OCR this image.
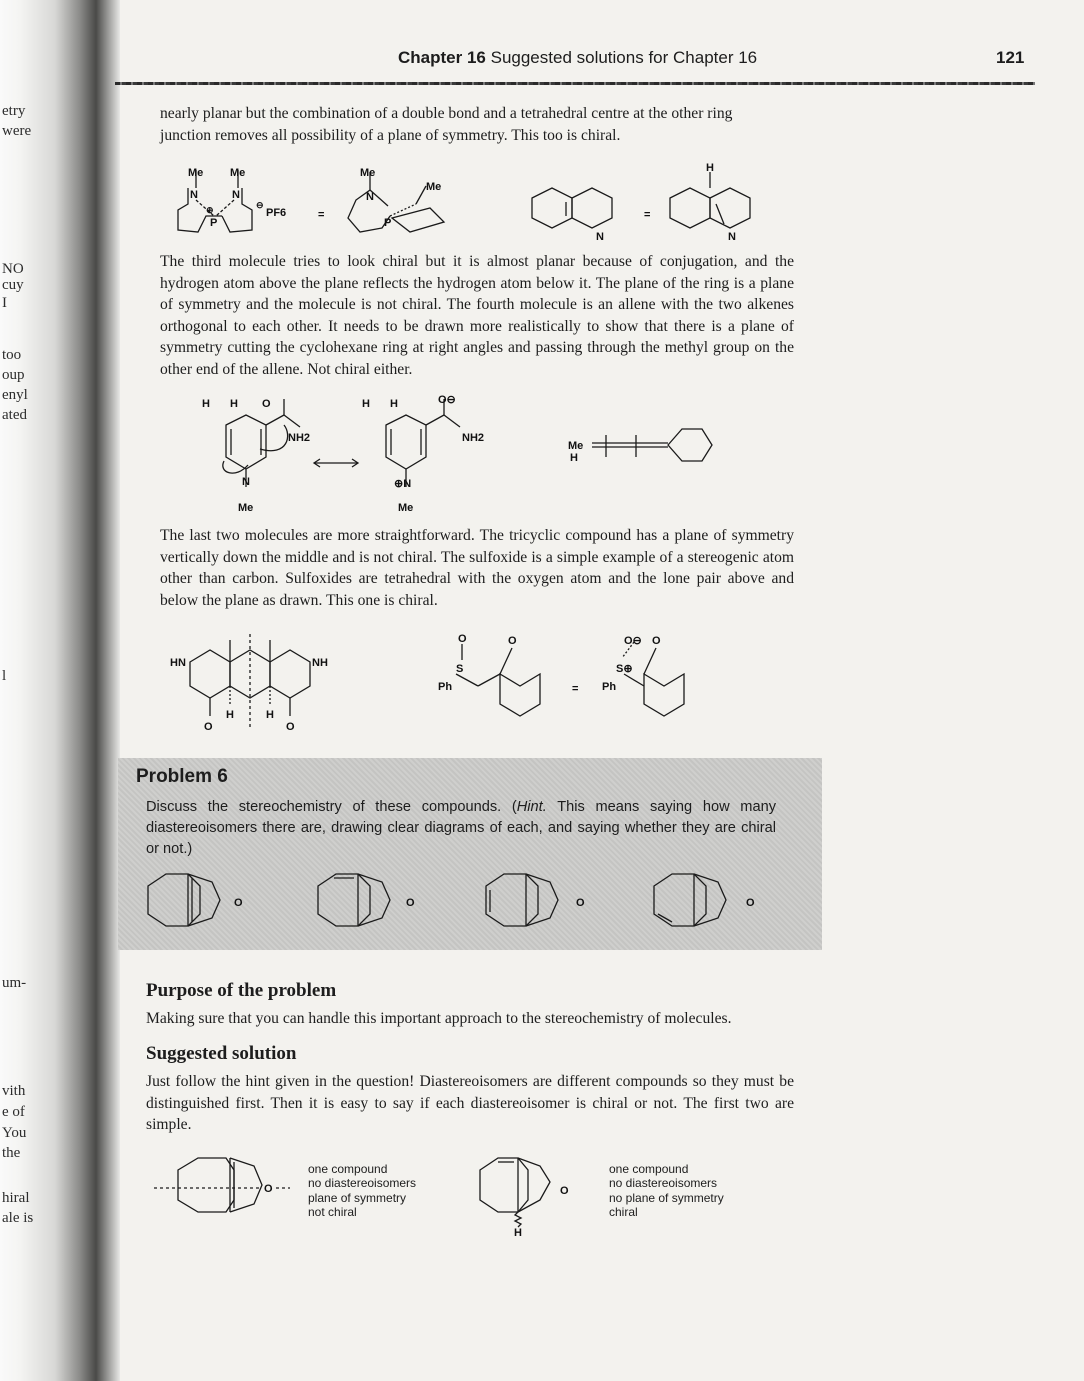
etry
were
NO
cuy
I
too
oup
enyl
ated
l
um-
vith
e of
You
the
hiral
ale is
Chapter 16 Suggested solutions for Chapter 16	121

nearly planar but the combination of a double bond and a tetrahedral centre at the other ring

junction removes all possibility of a plane of symmetry. This too is chiral.

Me Me
N	N
P
⊕	⊖
PF6	=
Me
Me
N
P
N
=
H
N

The third molecule tries to look chiral but it is almost planar because of conjugation, and the hydrogen atom above the plane reflects the hydrogen atom below it. The plane of the ring is a plane of symmetry and the molecule is not chiral. The fourth molecule is an allene with the two alkenes orthogonal to each other. It needs to be drawn more realistically to show that there is a plane of symmetry cutting the cyclohexane ring at right angles and passing through the methyl group on the other end of the allene. Not chiral either.

H H O
NH2
N
Me
H H	O⊖
NH2
⊕N
Me
Me
H

The last two molecules are more straightforward. The tricyclic compound has a plane of symmetry vertically down the middle and is not chiral. The sulfoxide is a simple example of a stereogenic atom other than carbon. Sulfoxides are tetrahedral with the oxygen atom and the lone pair above and below the plane as drawn. This one is chiral.

HN	NH
O	O
H	H
O	O
S
Ph	=
O⊖ O
S⊕
Ph
Problem 6
Discuss the stereochemistry of these compounds. (Hint. This means saying how many diastereoisomers there are, drawing clear diagrams of each, and saying whether they are chiral or not.)
O	O	O	O
Purpose of the problem

Making sure that you can handle this important approach to the stereochemistry of molecules.

Suggested solution

Just follow the hint given in the question! Diastereoisomers are different compounds so they must be distinguished first. Then it is easy to say if each diastereoisomer is chiral or not. The first two are simple.

O	O
H
one compound
no diastereoisomers
plane of symmetry
not chiral
one compound
no diastereoisomers
no plane of symmetry
chiral
